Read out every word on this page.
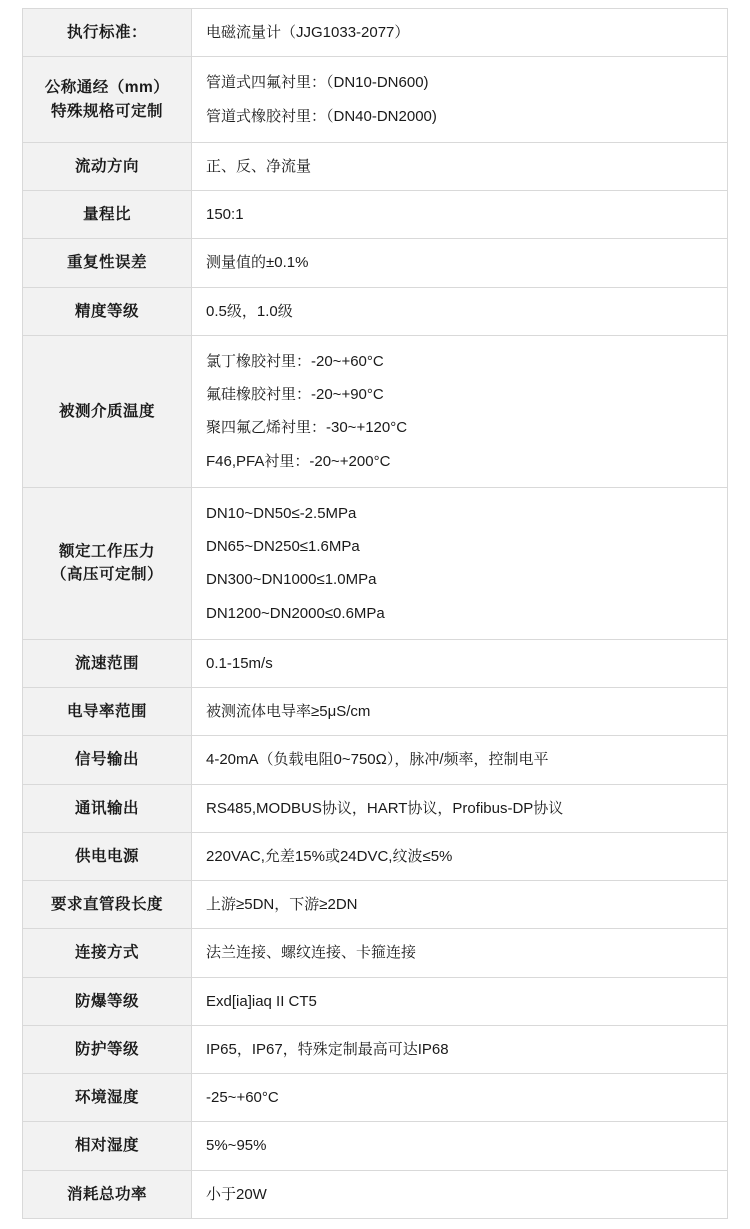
执行标准：	电磁流量计（JJG1033-2077）

公称通经（mm）
特殊规格可定制	管道式四氟衬里：（DN10-DN600)
管道式橡胶衬里：（DN40-DN2000)

流动方向	正、反、净流量

量程比	150:1

重复性误差	测量值的±0.1%

精度等级	0.5级，1.0级

被测介质温度	氯丁橡胶衬里：-20~+60°C
氟硅橡胶衬里：-20~+90°C
聚四氟乙烯衬里：-30~+120°C
F46,PFA衬里：-20~+200°C

额定工作压力
（高压可定制）	DN10~DN50≤-2.5MPa
DN65~DN250≤1.6MPa
DN300~DN1000≤1.0MPa
DN1200~DN2000≤0.6MPa

流速范围	0.1-15m/s

电导率范围	被测流体电导率≥5μS/cm

信号输出	4-20mA（负载电阻0~750Ω），脉冲/频率，控制电平

通讯输出	RS485,MODBUS协议，HART协议，Profibus-DP协议

供电电源	220VAC,允差15%或24DVC,纹波≤5%

要求直管段长度	上游≥5DN，下游≥2DN

连接方式	法兰连接、螺纹连接、卡箍连接

防爆等级	Exd[ia]iaq II CT5

防护等级	IP65，IP67，特殊定制最高可达IP68

环境湿度	-25~+60°C

相对湿度	5%~95%

消耗总功率	小于20W
